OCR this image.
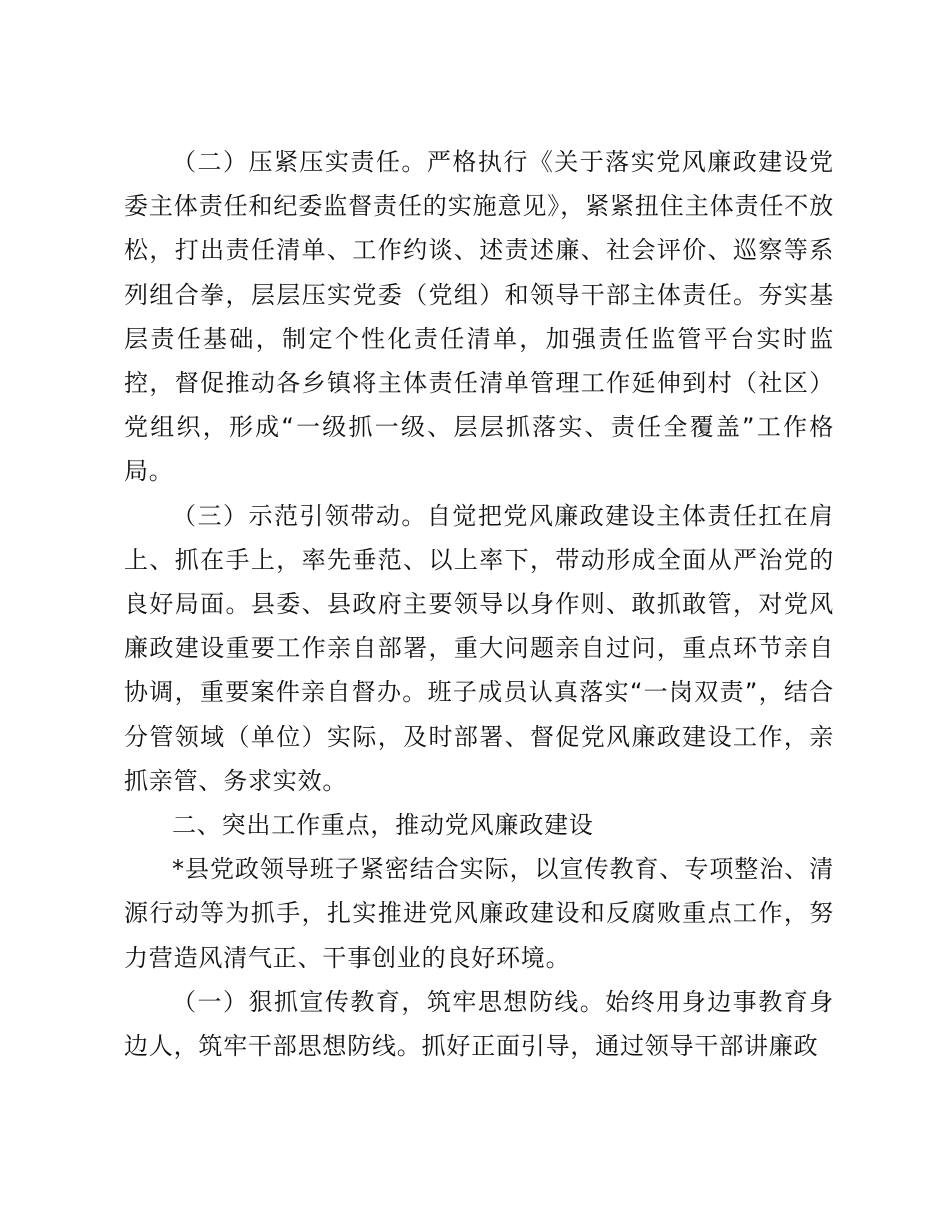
（二）压紧压实责任。严格执行《关于落实党风廉政建设党委主体责任和纪委监督责任的实施意见》，紧紧扭住主体责任不放松，打出责任清单、工作约谈、述责述廉、社会评价、巡察等系列组合拳，层层压实党委（党组）和领导干部主体责任。夯实基层责任基础，制定个性化责任清单，加强责任监管平台实时监控，督促推动各乡镇将主体责任清单管理工作延伸到村（社区）党组织，形成“一级抓一级、层层抓落实、责任全覆盖”工作格局。

（三）示范引领带动。自觉把党风廉政建设主体责任扛在肩上、抓在手上，率先垂范、以上率下，带动形成全面从严治党的良好局面。县委、县政府主要领导以身作则、敢抓敢管，对党风廉政建设重要工作亲自部署，重大问题亲自过问，重点环节亲自协调，重要案件亲自督办。班子成员认真落实“一岗双责”，结合分管领域（单位）实际，及时部署、督促党风廉政建设工作，亲抓亲管、务求实效。

二、突出工作重点，推动党风廉政建设

*县党政领导班子紧密结合实际，以宣传教育、专项整治、清源行动等为抓手，扎实推进党风廉政建设和反腐败重点工作，努力营造风清气正、干事创业的良好环境。

（一）狠抓宣传教育，筑牢思想防线。始终用身边事教育身边人，筑牢干部思想防线。抓好正面引导，通过领导干部讲廉政
